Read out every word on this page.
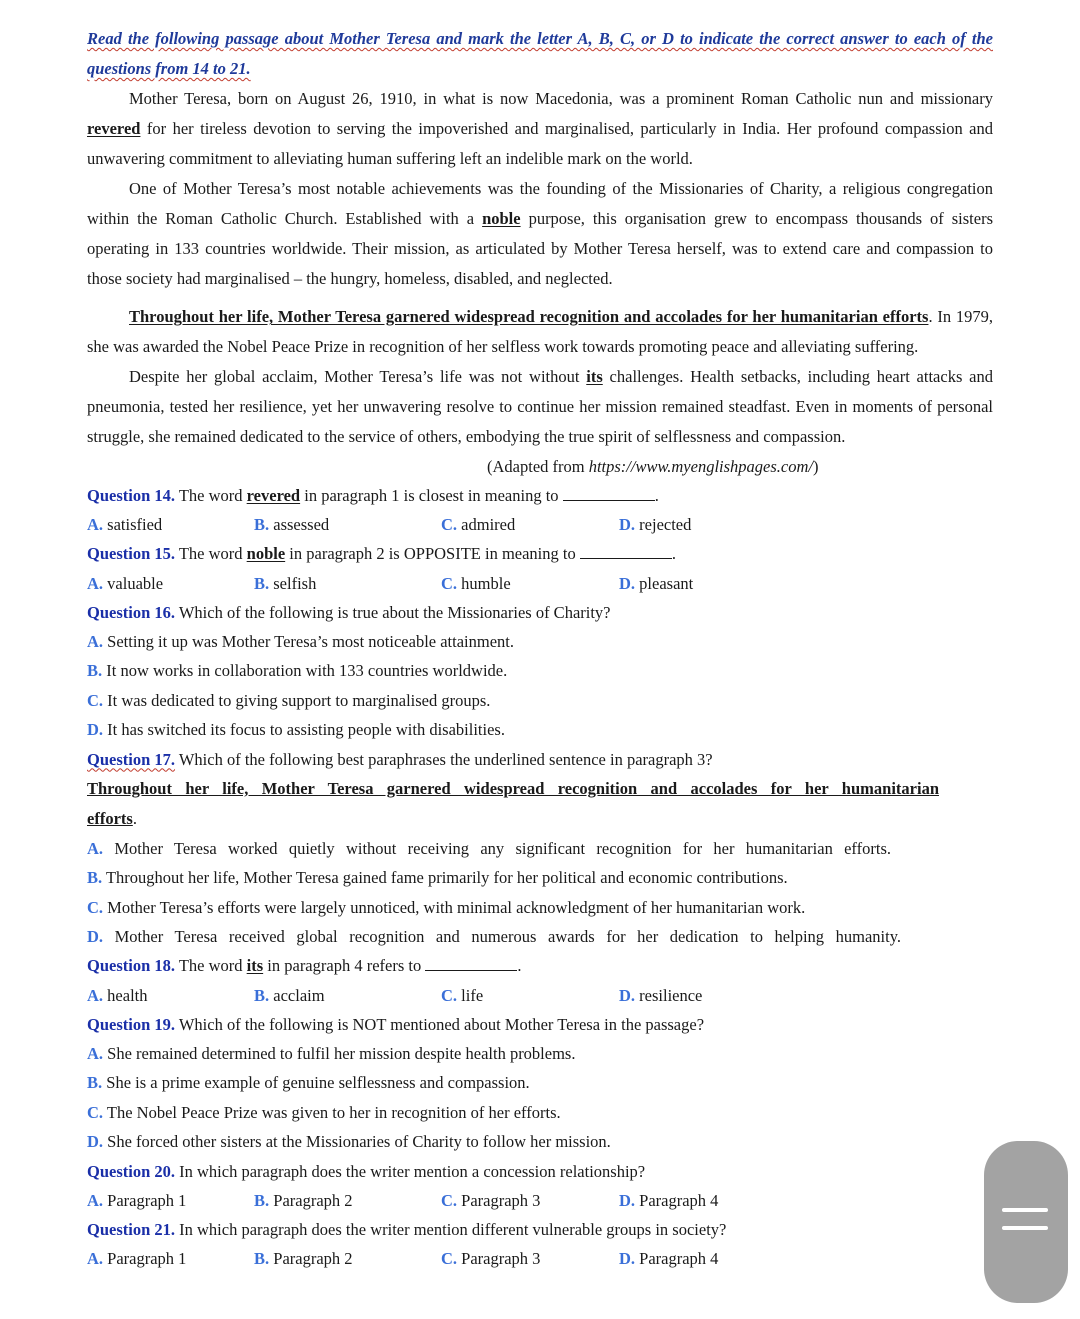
Read the following passage about Mother Teresa and mark the letter A, B, C, or D to indicate the correct answer to each of the questions from 14 to 21.

Mother Teresa, born on August 26, 1910, in what is now Macedonia, was a prominent Roman Catholic nun and missionary revered for her tireless devotion to serving the impoverished and marginalised, particularly in India. Her profound compassion and unwavering commitment to alleviating human suffering left an indelible mark on the world.

One of Mother Teresa’s most notable achievements was the founding of the Missionaries of Charity, a religious congregation within the Roman Catholic Church. Established with a noble purpose, this organisation grew to encompass thousands of sisters operating in 133 countries worldwide. Their mission, as articulated by Mother Teresa herself, was to extend care and compassion to those society had marginalised – the hungry, homeless, disabled, and neglected.

Throughout her life, Mother Teresa garnered widespread recognition and accolades for her humanitarian efforts. In 1979, she was awarded the Nobel Peace Prize in recognition of her selfless work towards promoting peace and alleviating suffering.

Despite her global acclaim, Mother Teresa’s life was not without its challenges. Health setbacks, including heart attacks and pneumonia, tested her resilience, yet her unwavering resolve to continue her mission remained steadfast. Even in moments of personal struggle, she remained dedicated to the service of others, embodying the true spirit of selflessness and compassion.

(Adapted from https://www.myenglishpages.com/)

Question 14. The word revered in paragraph 1 is closest in meaning to	.

A. satisfied	B. assessed	C. admired	D. rejected

Question 15. The word noble in paragraph 2 is OPPOSITE in meaning to	.

A. valuable	B. selfish	C. humble	D. pleasant

Question 16. Which of the following is true about the Missionaries of Charity?

A. Setting it up was Mother Teresa’s most noticeable attainment.

B. It now works in collaboration with 133 countries worldwide.

C. It was dedicated to giving support to marginalised groups.

D. It has switched its focus to assisting people with disabilities.

Question 17. Which of the following best paraphrases the underlined sentence in paragraph 3?

Throughout her life, Mother Teresa garnered widespread recognition and accolades for her humanitarian

efforts.

A. Mother Teresa worked quietly without receiving any significant recognition for her humanitarian efforts.

B. Throughout her life, Mother Teresa gained fame primarily for her political and economic contributions.

C. Mother Teresa’s efforts were largely unnoticed, with minimal acknowledgment of her humanitarian work.

D. Mother Teresa received global recognition and numerous awards for her dedication to helping humanity.

Question 18. The word its in paragraph 4 refers to	.

A. health	B. acclaim	C. life	D. resilience

Question 19. Which of the following is NOT mentioned about Mother Teresa in the passage?

A. She remained determined to fulfil her mission despite health problems.

B. She is a prime example of genuine selflessness and compassion.

C. The Nobel Peace Prize was given to her in recognition of her efforts.

D. She forced other sisters at the Missionaries of Charity to follow her mission.

Question 20. In which paragraph does the writer mention a concession relationship?

A. Paragraph 1	B. Paragraph 2	C. Paragraph 3	D. Paragraph 4

Question 21. In which paragraph does the writer mention different vulnerable groups in society?

A. Paragraph 1	B. Paragraph 2	C. Paragraph 3	D. Paragraph 4
